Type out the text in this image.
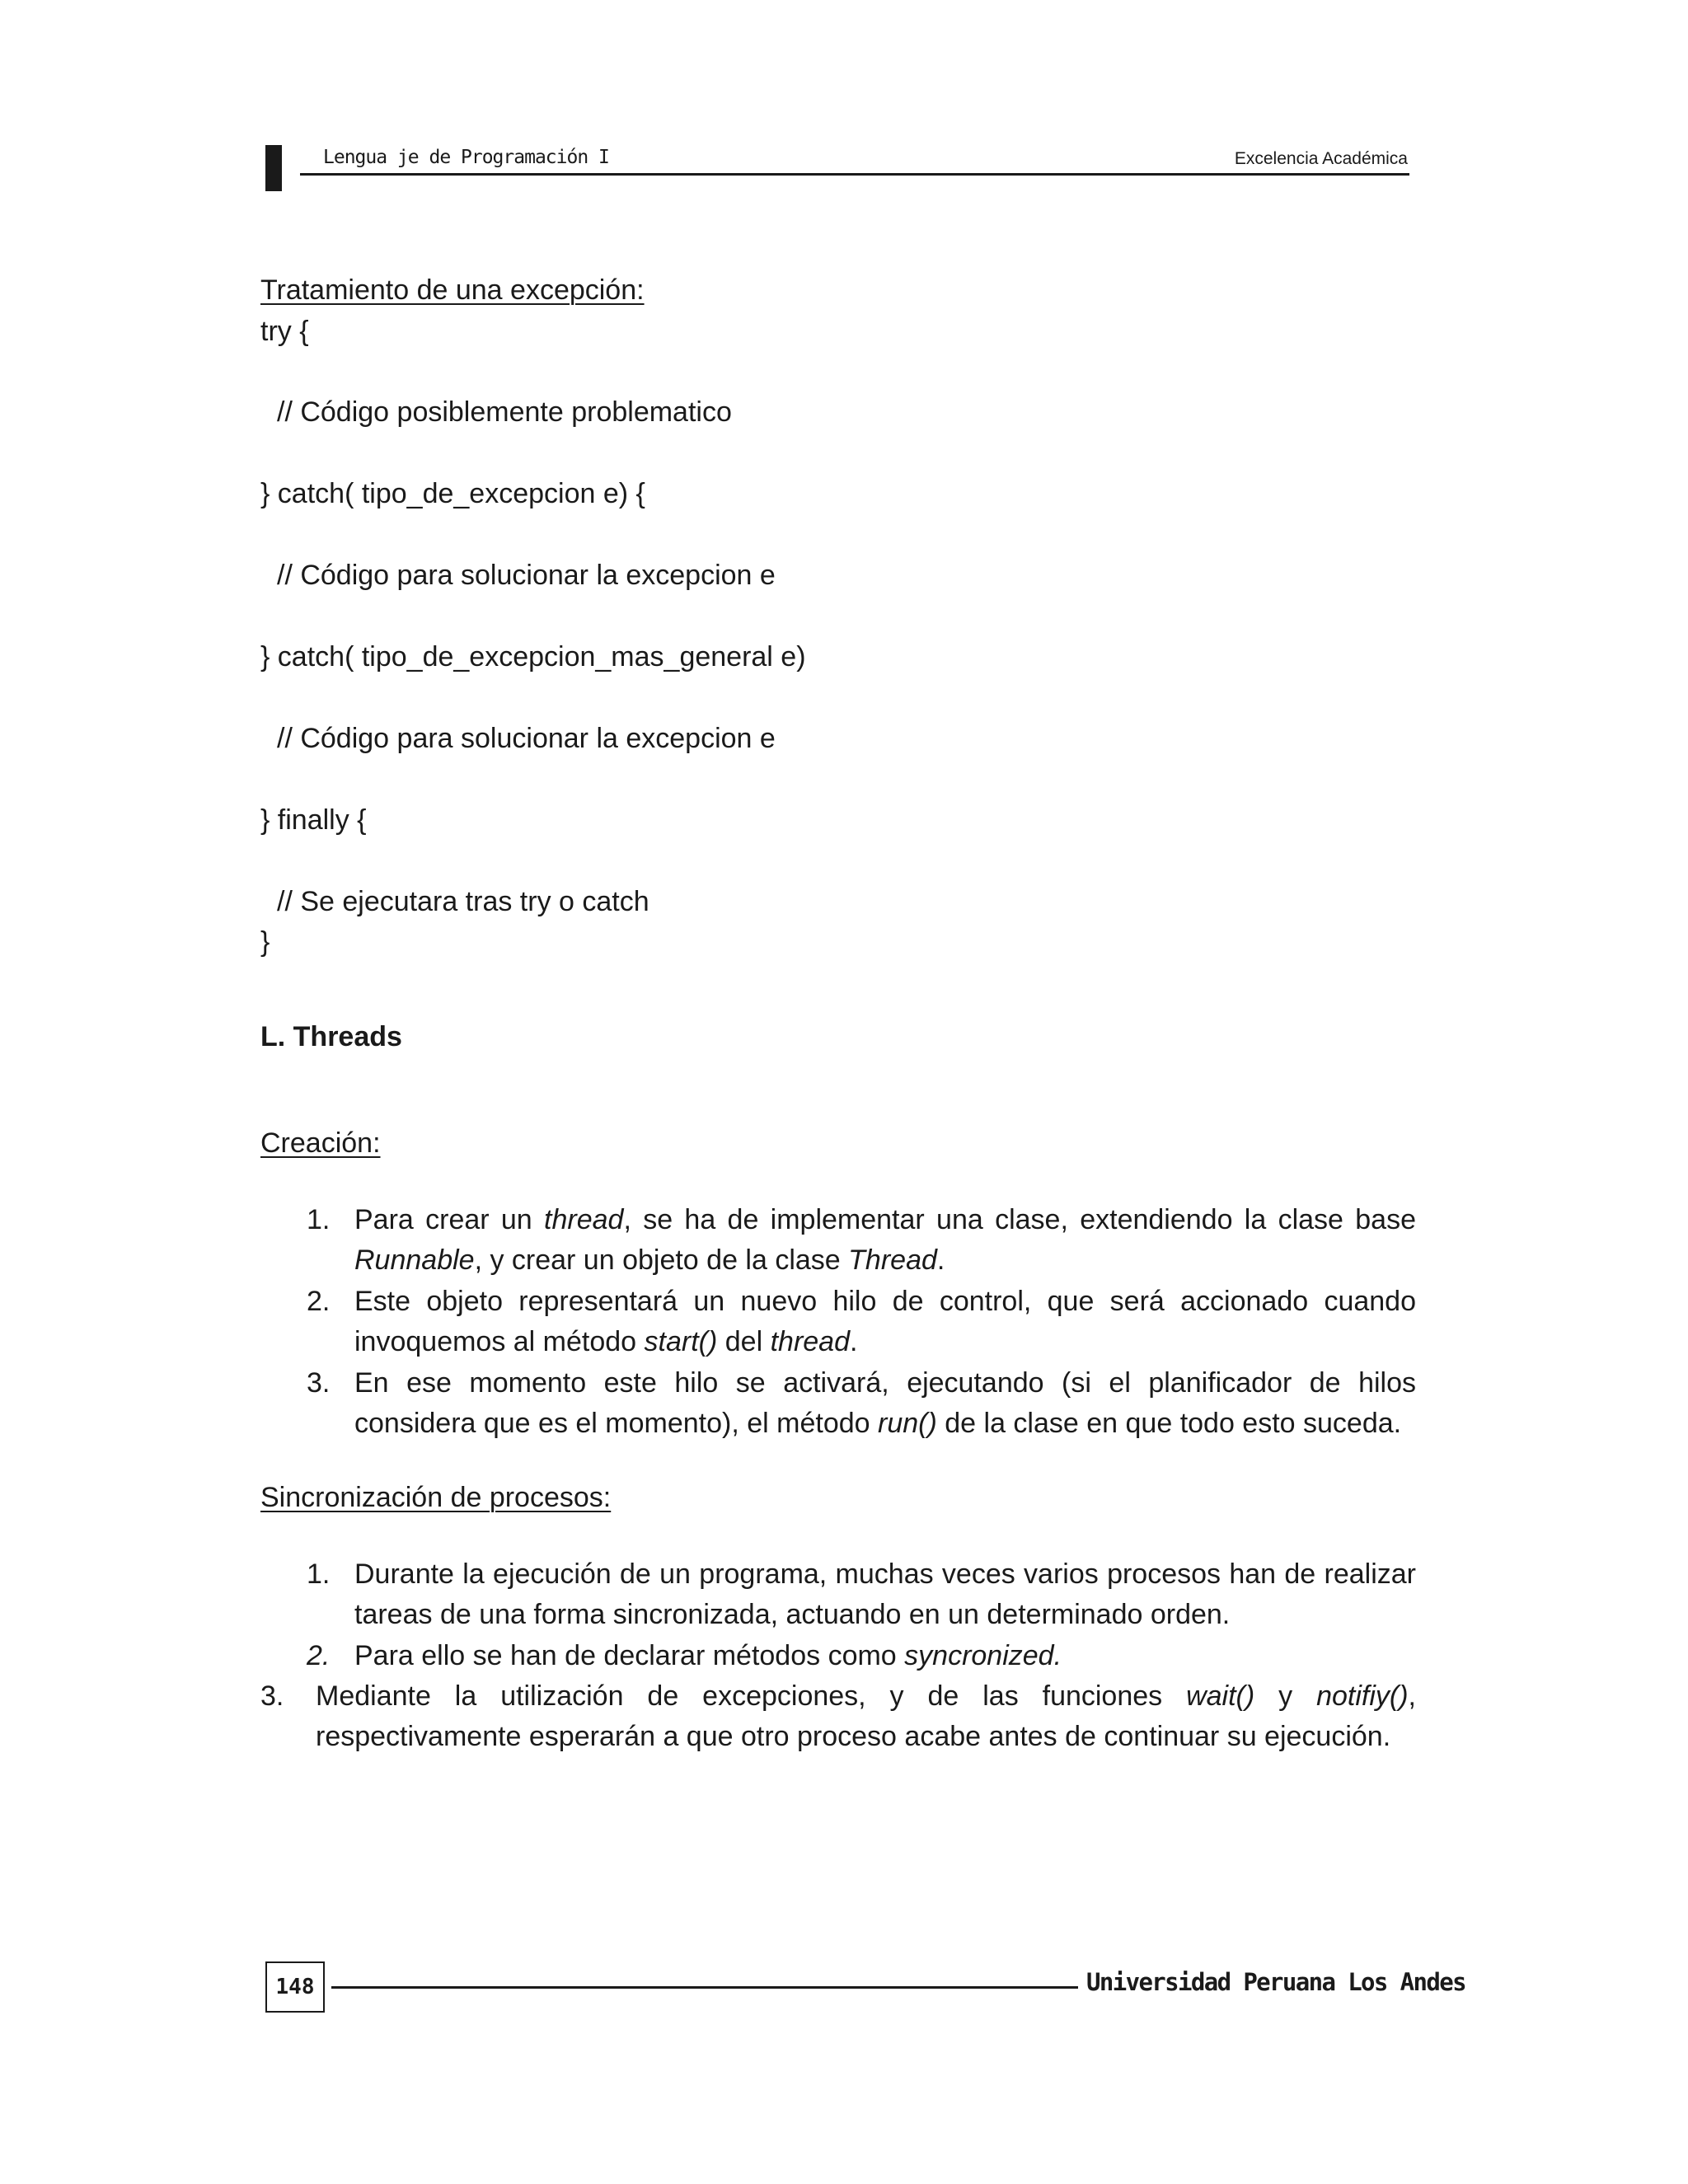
Lengua je de Programación I	Excelencia Académica
Tratamiento de una excepción:
try {
// Código posiblemente problematico
} catch( tipo_de_excepcion e) {
// Código para solucionar la excepcion e
} catch( tipo_de_excepcion_mas_general e)
// Código para solucionar la excepcion e
} finally {
// Se ejecutara tras try o catch
}
L. Threads
Creación:
1. Para crear un thread, se ha de implementar una clase, extendiendo la clase base Runnable, y crear un objeto de la clase Thread.
2. Este objeto representará un nuevo hilo de control, que será accionado cuando invoquemos al método start() del thread.
3. En ese momento este hilo se activará, ejecutando (si el planificador de hilos considera que es el momento), el método run() de la clase en que todo esto suceda.
Sincronización de procesos:
1. Durante la ejecución de un programa, muchas veces varios procesos han de realizar tareas de una forma sincronizada, actuando en un determinado orden.
2. Para ello se han de declarar métodos como syncronized.
3. Mediante la utilización de excepciones, y de las funciones wait() y notifiy(), respectivamente esperarán a que otro proceso acabe antes de continuar su ejecución.
148	Universidad Peruana Los Andes
